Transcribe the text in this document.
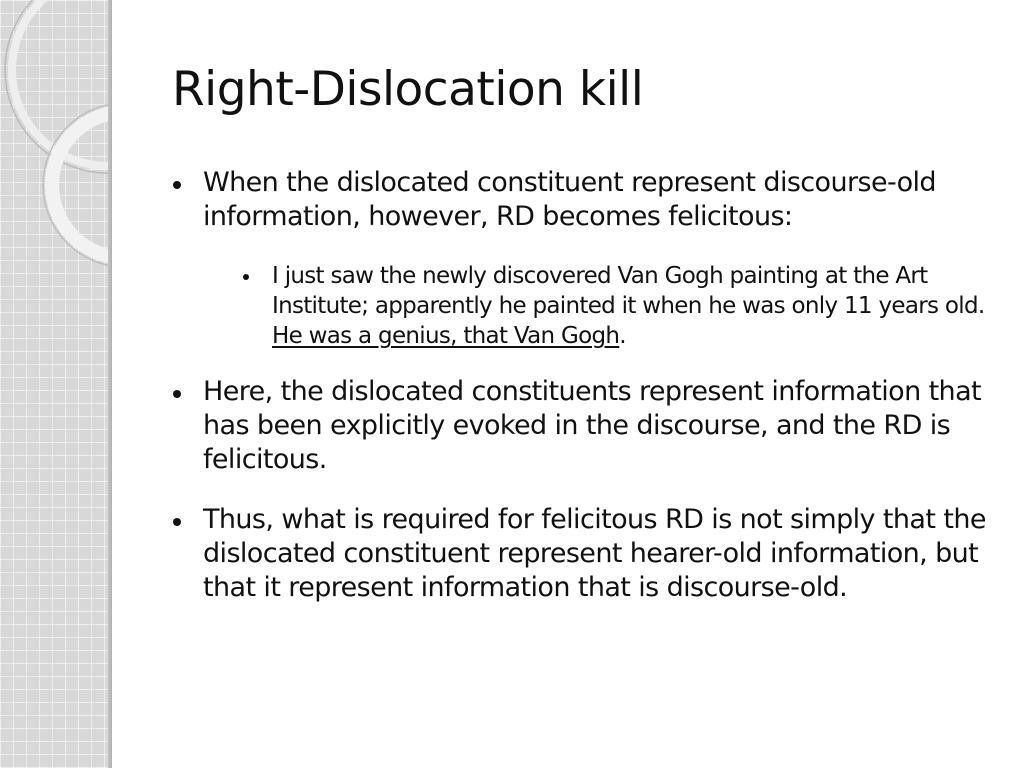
Right-Dislocation kill
When the dislocated constituent represent discourse-old information, however, RD becomes felicitous:
I just saw the newly discovered Van Gogh painting at the Art Institute; apparently he painted it when he was only 11 years old. He was a genius, that Van Gogh.
Here, the dislocated constituents represent information that has been explicitly evoked in the discourse, and the RD is felicitous.
Thus, what is required for felicitous RD is not simply that the dislocated constituent represent hearer-old information, but that it represent information that is discourse-old.
